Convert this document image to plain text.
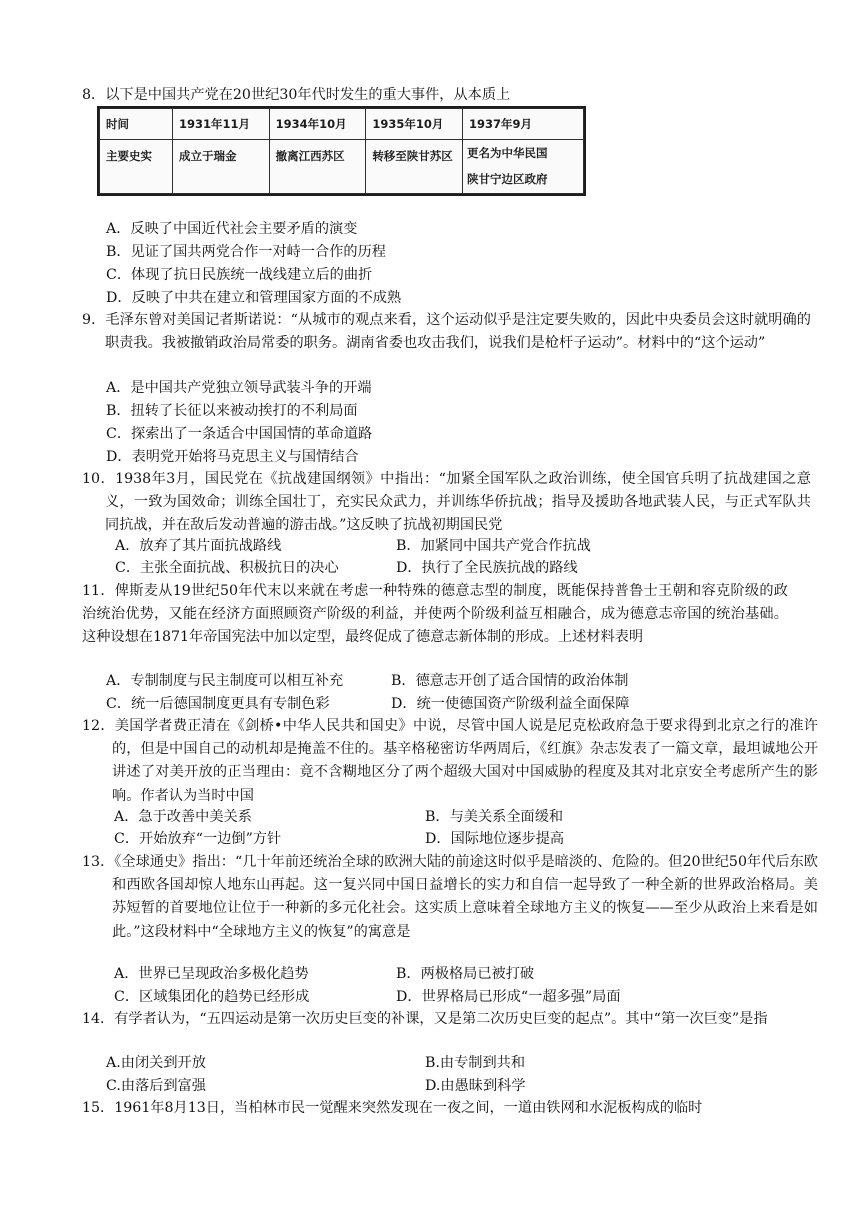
8．以下是中国共产党在20世纪30年代时发生的重大事件，从本质上
时间	1931年11月	1934年10月	1935年10月	1937年9月
主要史实	成立于瑞金	撤离江西苏区	转移至陕甘苏区	更名为中华民国
陕甘宁边区政府
A．反映了中国近代社会主要矛盾的演变
B．见证了国共两党合作一对峙一合作的历程
C．体现了抗日民族统一战线建立后的曲折
D．反映了中共在建立和管理国家方面的不成熟
9．毛泽东曾对美国记者斯诺说：“从城市的观点来看，这个运动似乎是注定要失败的，因此中央委员会这时就明确的职责我。我被撤销政治局常委的职务。湖南省委也攻击我们，说我们是枪杆子运动”。材料中的“这个运动”
A．是中国共产党独立领导武装斗争的开端
B．扭转了长征以来被动挨打的不利局面
C．探索出了一条适合中国国情的革命道路
D．表明党开始将马克思主义与国情结合
10．1938年3月，国民党在《抗战建国纲领》中指出：“加紧全国军队之政治训练，使全国官兵明了抗战建国之意义，一致为国效命；训练全国壮丁，充实民众武力，并训练华侨抗战；指导及援助各地武装人民，与正式军队共同抗战，并在敌后发动普遍的游击战。”这反映了抗战初期国民党
A．放弃了其片面抗战路线	B．加紧同中国共产党合作抗战
C．主张全面抗战、积极抗日的决心	D．执行了全民族抗战的路线
11．俾斯麦从19世纪50年代末以来就在考虑一种特殊的德意志型的制度，既能保持普鲁士王朝和容克阶级的政治统治优势，又能在经济方面照顾资产阶级的利益，并使两个阶级利益互相融合，成为德意志帝国的统治基础。这种设想在1871年帝国宪法中加以定型，最终促成了德意志新体制的形成。上述材料表明
A．专制制度与民主制度可以相互补充	B．德意志开创了适合国情的政治体制
C．统一后德国制度更具有专制色彩	D．统一使德国资产阶级利益全面保障
12．美国学者费正清在《剑桥•中华人民共和国史》中说，尽管中国人说是尼克松政府急于要求得到北京之行的准许的，但是中国自己的动机却是掩盖不住的。基辛格秘密访华两周后，《红旗》杂志发表了一篇文章，最坦诚地公开讲述了对美开放的正当理由：竟不含糊地区分了两个超级大国对中国威胁的程度及其对北京安全考虑所产生的影响。作者认为当时中国
A．急于改善中美关系	B．与美关系全面缓和
C．开始放弃“一边倒”方针	D．国际地位逐步提高
13．《全球通史》指出：“几十年前还统治全球的欧洲大陆的前途这时似乎是暗淡的、危险的。但20世纪50年代后东欧和西欧各国却惊人地东山再起。这一复兴同中国日益增长的实力和自信一起导致了一种全新的世界政治格局。美苏短暂的首要地位让位于一种新的多元化社会。这实质上意味着全球地方主义的恢复——至少从政治上来看是如此。”这段材料中“全球地方主义的恢复”的寓意是
A．世界已呈现政治多极化趋势	B．两极格局已被打破
C．区域集团化的趋势已经形成	D．世界格局已形成“一超多强”局面
14．有学者认为，“五四运动是第一次历史巨变的补课，又是第二次历史巨变的起点”。其中“第一次巨变”是指
A.由闭关到开放	B.由专制到共和
C.由落后到富强	D.由愚昧到科学
15．1961年8月13日，当柏林市民一觉醒来突然发现在一夜之间，一道由铁网和水泥板构成的临时
